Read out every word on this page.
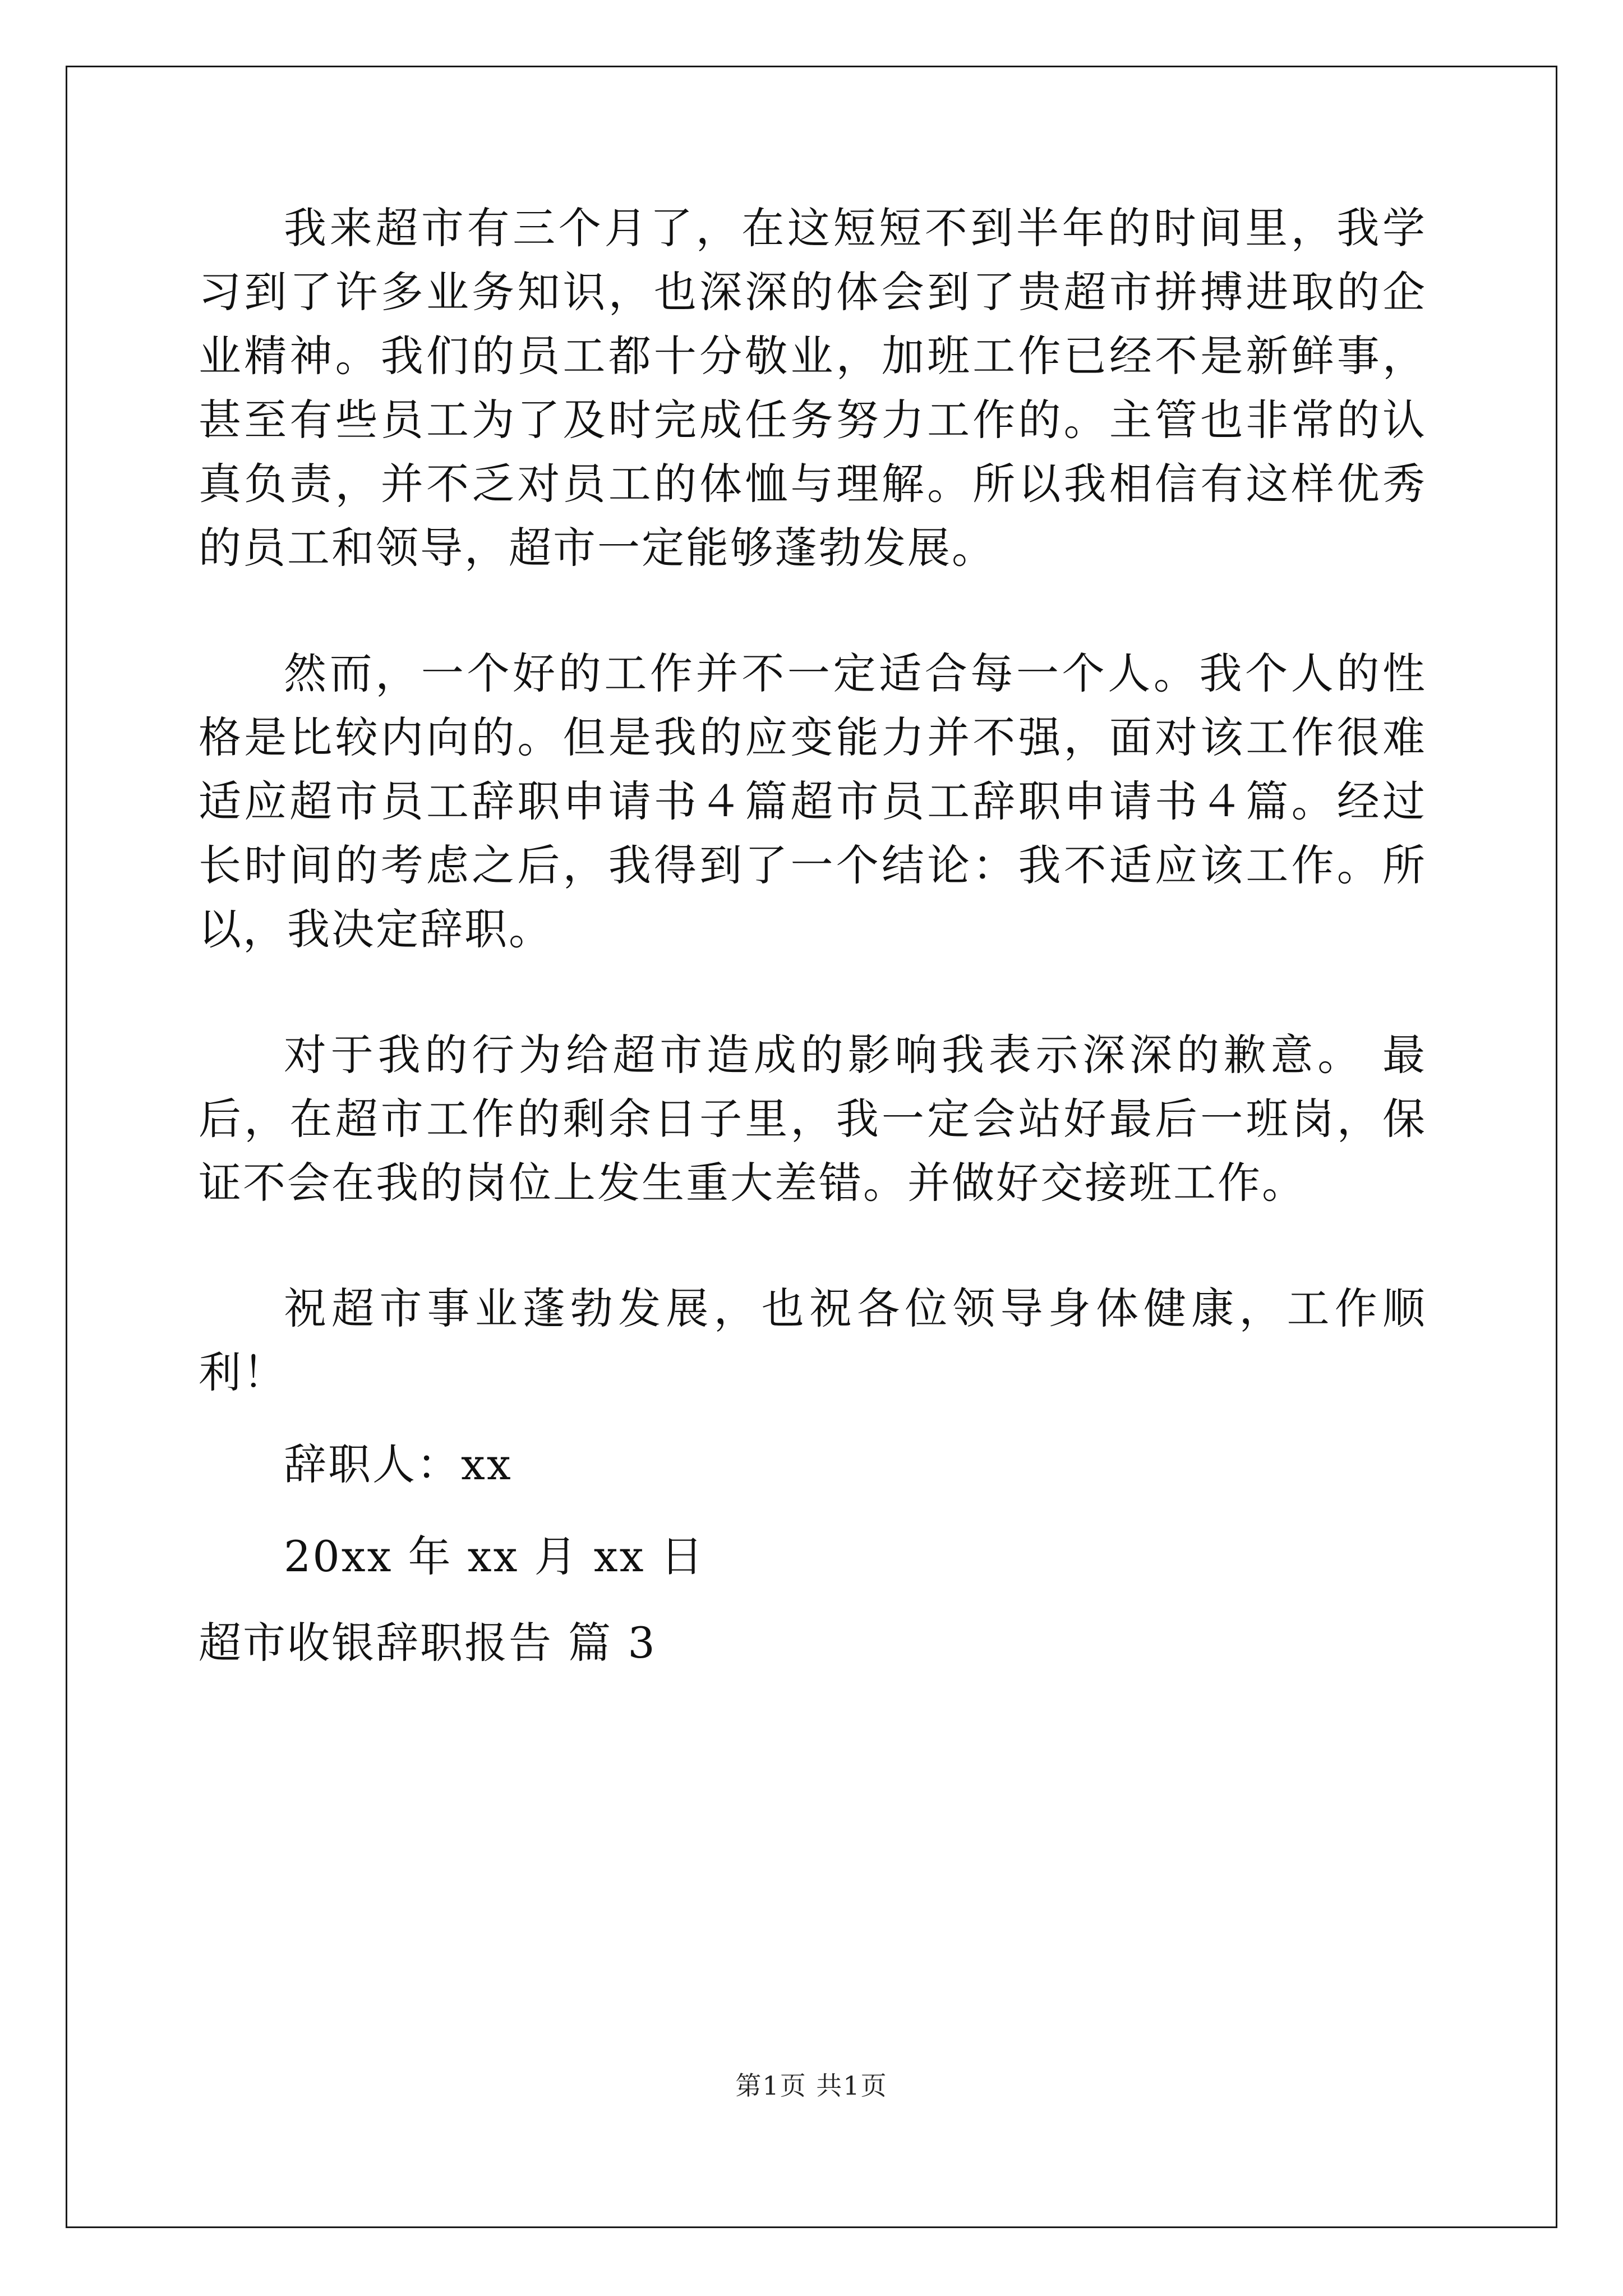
我来超市有三个月了，在这短短不到半年的时间里，我学习到了许多业务知识，也深深的体会到了贵超市拼搏进取的企业精神。我们的员工都十分敬业，加班工作已经不是新鲜事，甚至有些员工为了及时完成任务努力工作的。主管也非常的认真负责，并不乏对员工的体恤与理解。所以我相信有这样优秀的员工和领导，超市一定能够蓬勃发展。

然而，一个好的工作并不一定适合每一个人。我个人的性格是比较内向的。但是我的应变能力并不强，面对该工作很难适应超市员工辞职申请书４篇超市员工辞职申请书４篇。经过长时间的考虑之后，我得到了一个结论：我不适应该工作。所以，我决定辞职。

对于我的行为给超市造成的影响我表示深深的歉意。 最后，在超市工作的剩余日子里，我一定会站好最后一班岗，保证不会在我的岗位上发生重大差错。并做好交接班工作。

祝超市事业蓬勃发展，也祝各位领导身体健康，工作顺利！

辞职人：xx

20xx 年 xx 月 xx 日

超市收银辞职报告 篇 3

第1页 共1页
